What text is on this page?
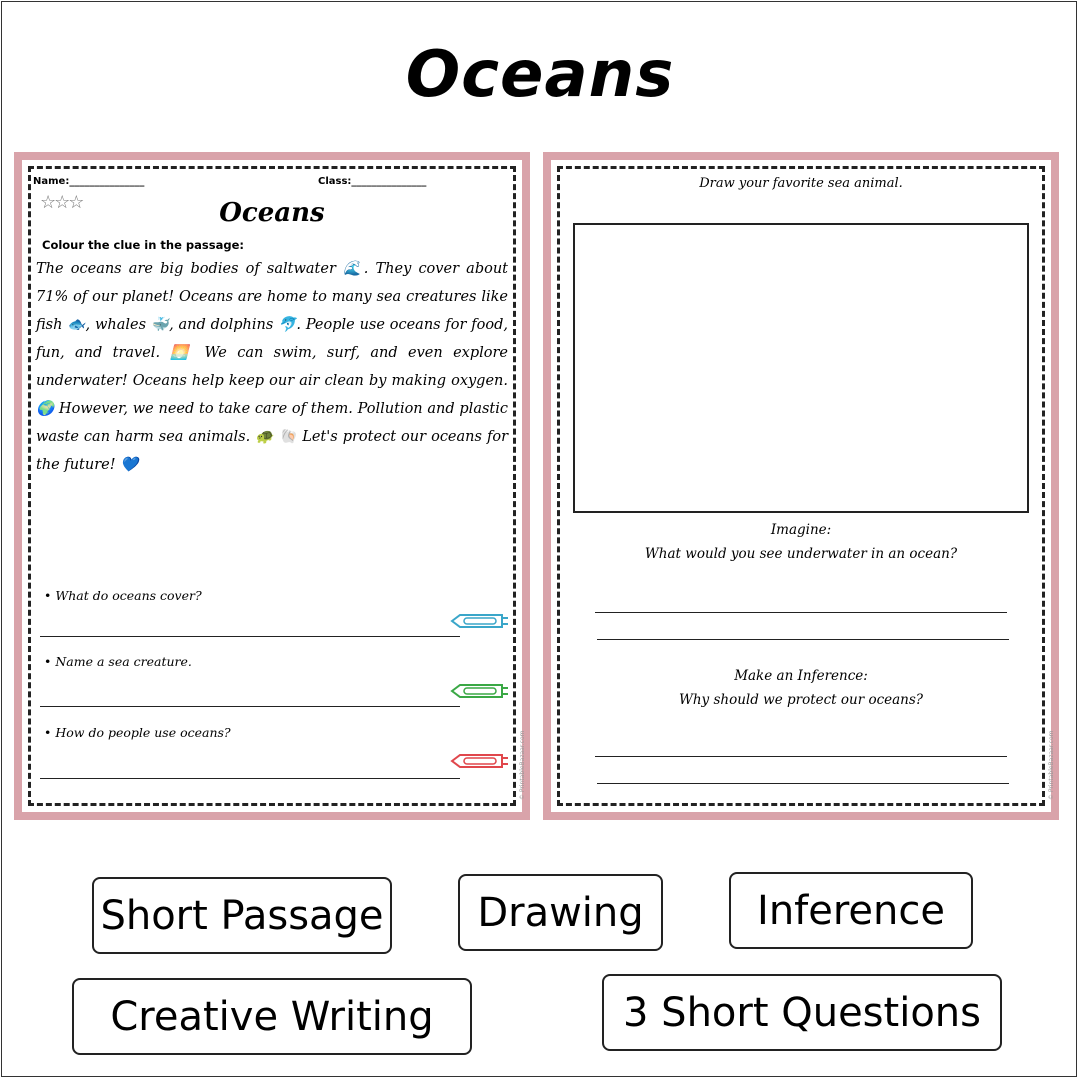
Oceans
Name:_______________	Class:_______________
☆☆☆	Oceans
Colour the clue in the passage:
The oceans are big bodies of saltwater 🌊. They cover about 71% of our planet! Oceans are home to many sea creatures like fish 🐟, whales 🐳, and dolphins 🐬. People use oceans for food, fun, and travel. 🌅 We can swim, surf, and even explore underwater! Oceans help keep our air clean by making oxygen. 🌍 However, we need to take care of them. Pollution and plastic waste can harm sea animals. 🐢 🐚 Let's protect our oceans for the future! 💙
• What do oceans cover?
• Name a sea creature.
• How do people use oceans?	© PrintableBazaar.com
Draw your favorite sea animal.
Imagine:
What would you see underwater in an ocean?
Make an Inference:
Why should we protect our oceans?
© PrintableBazaar.com
Short Passage	Drawing	Inference
Creative Writing	3 Short Questions
